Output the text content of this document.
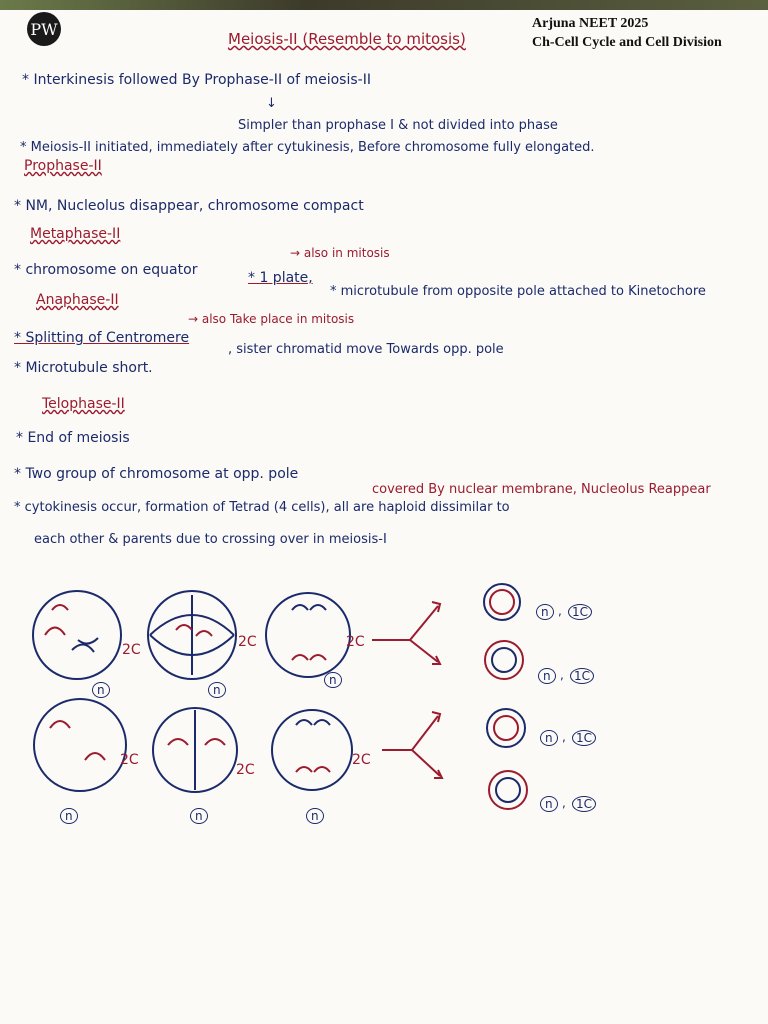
PW	Arjuna NEET 2025
Ch-Cell Cycle and Cell Division
Meiosis-II (Resemble to mitosis)
* Interkinesis followed By Prophase-II of meiosis-II
↓
Simpler than prophase I & not divided into phase
* Meiosis-II initiated, immediately after cytukinesis, Before chromosome fully elongated.
Prophase-II
* NM, Nucleolus disappear, chromosome compact
Metaphase-II
→ also in mitosis
* chromosome on equator	* 1 plate,
* microtubule from opposite pole attached to Kinetochore
Anaphase-II
→ also Take place in mitosis
* Splitting of Centromere
, sister chromatid move Towards opp. pole
* Microtubule short.
Telophase-II
* End of meiosis
* Two group of chromosome at opp. pole
covered By nuclear membrane, Nucleolus Reappear
* cytokinesis occur, formation of Tetrad (4 cells), all are haploid dissimilar to
each other & parents due to crossing over in meiosis-I
2C	2C	2C
2C
2C
2C
n	n
n
n	n	n
n , 1C
n , 1C
n , 1C
n , 1C
